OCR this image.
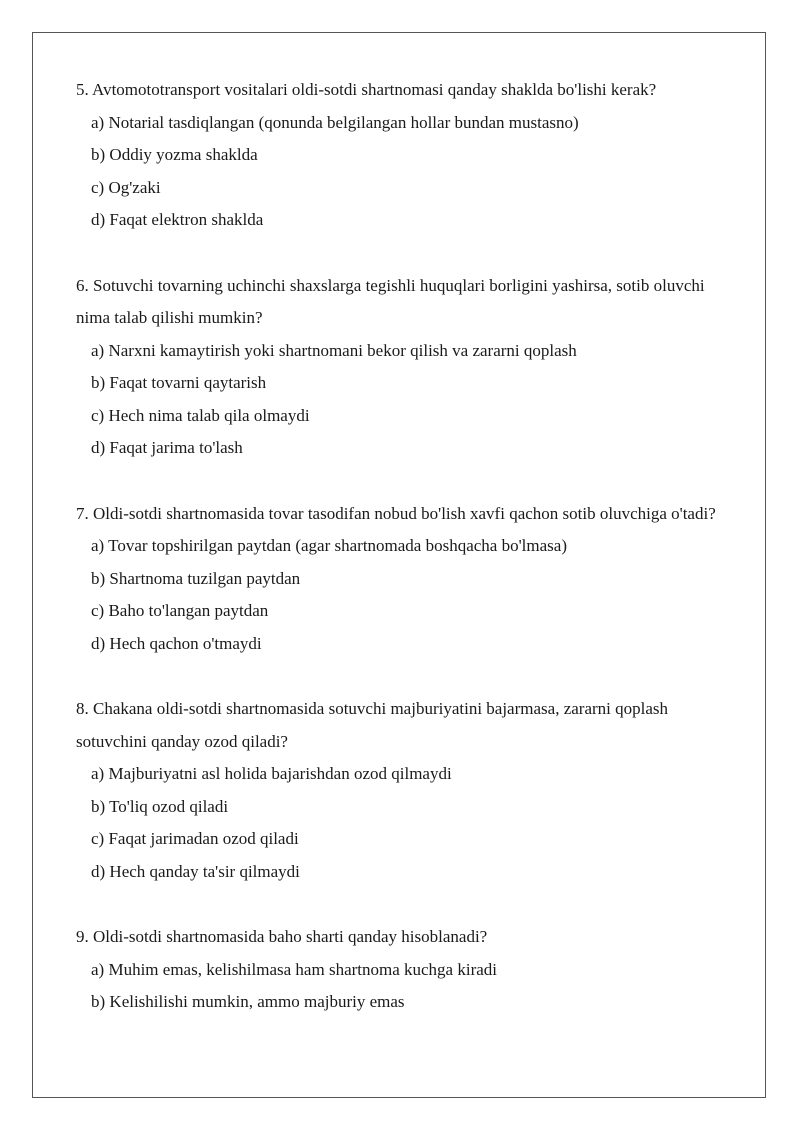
5. Avtomototransport vositalari oldi-sotdi shartnomasi qanday shaklda bo'lishi kerak?

a) Notarial tasdiqlangan (qonunda belgilangan hollar bundan mustasno)
b) Oddiy yozma shaklda
c) Og'zaki
d) Faqat elektron shaklda

6. Sotuvchi tovarning uchinchi shaxslarga tegishli huquqlari borligini yashirsa, sotib oluvchi nima talab qilishi mumkin?

a) Narxni kamaytirish yoki shartnomani bekor qilish va zararni qoplash
b) Faqat tovarni qaytarish
c) Hech nima talab qila olmaydi
d) Faqat jarima to'lash

7. Oldi-sotdi shartnomasida tovar tasodifan nobud bo'lish xavfi qachon sotib oluvchiga o'tadi?

a) Tovar topshirilgan paytdan (agar shartnomada boshqacha bo'lmasa)
b) Shartnoma tuzilgan paytdan
c) Baho to'langan paytdan
d) Hech qachon o'tmaydi

8. Chakana oldi-sotdi shartnomasida sotuvchi majburiyatini bajarmasa, zararni qoplash sotuvchini qanday ozod qiladi?

a) Majburiyatni asl holida bajarishdan ozod qilmaydi
b) To'liq ozod qiladi
c) Faqat jarimadan ozod qiladi
d) Hech qanday ta'sir qilmaydi

9. Oldi-sotdi shartnomasida baho sharti qanday hisoblanadi?

a) Muhim emas, kelishilmasa ham shartnoma kuchga kiradi
b) Kelishilishi mumkin, ammo majburiy emas
